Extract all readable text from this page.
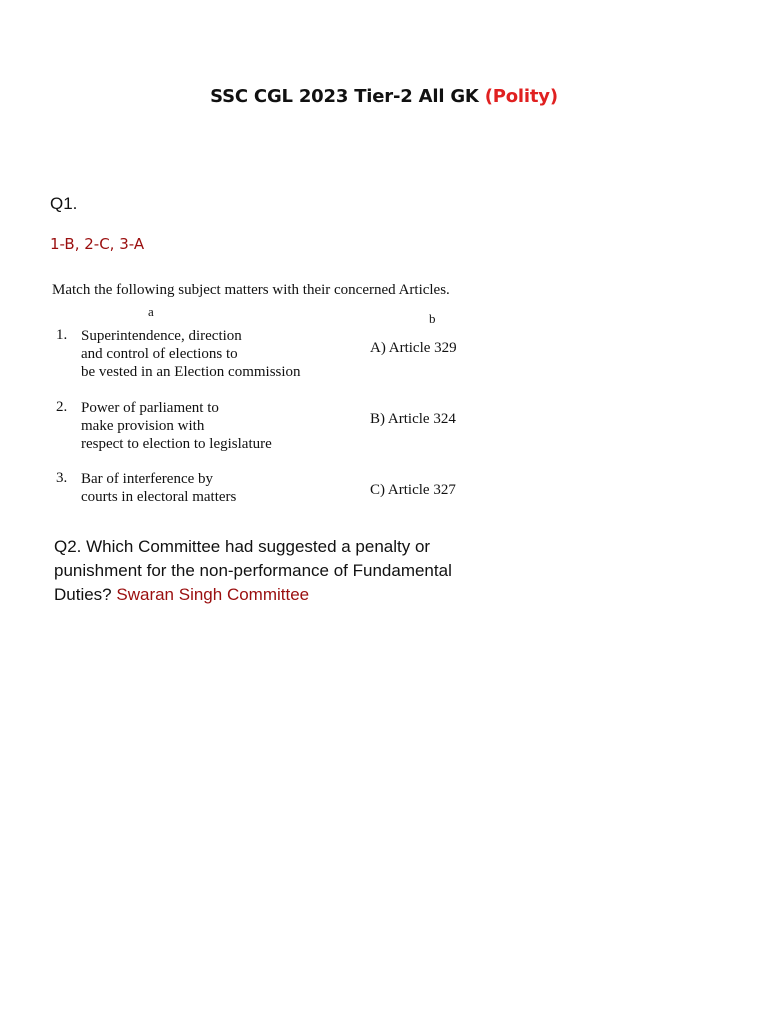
SSC CGL 2023 Tier-2 All GK (Polity)
Q1.
1-B, 2-C, 3-A
Match the following subject matters with their concerned Articles.
a	b
1. Superintendence, direction
and control of elections to
be vested in an Election commission
A) Article 329
2. Power of parliament to
make provision with
respect to election to legislature
B) Article 324
3. Bar of interference by
courts in electoral matters	C) Article 327
Q2. Which Committee had suggested a penalty or punishment for the non-performance of Fundamental Duties? Swaran Singh Committee
